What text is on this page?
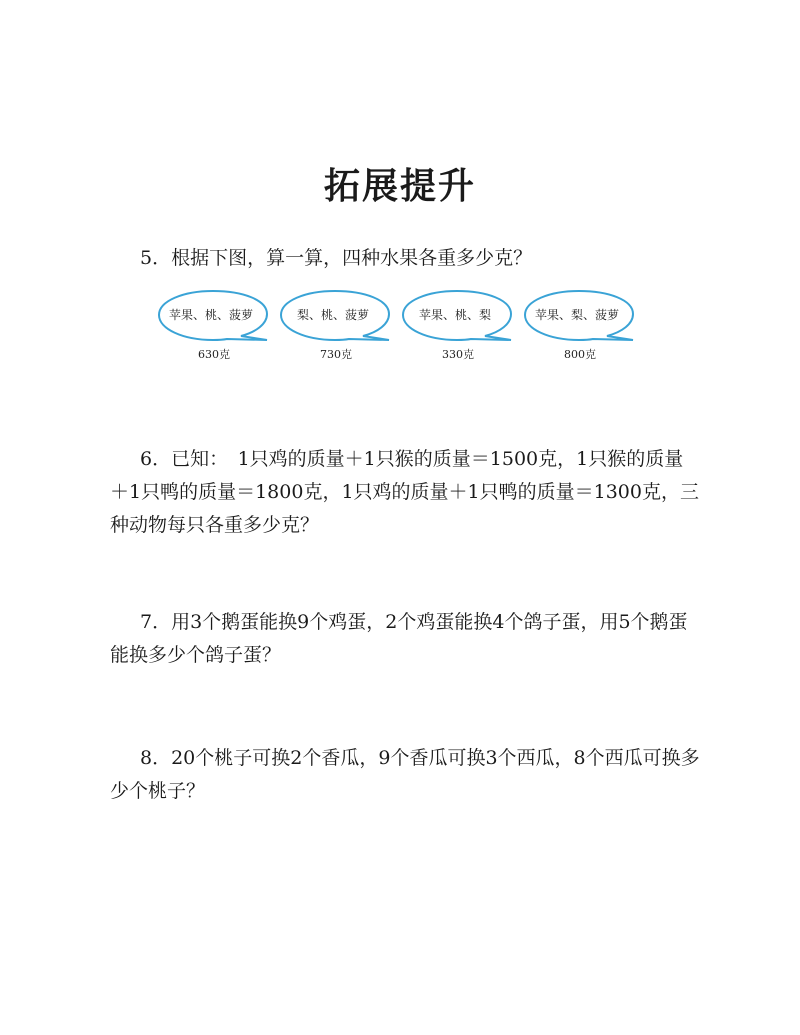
拓展提升
5．根据下图，算一算，四种水果各重多少克？
苹果、桃、菠萝
630克
梨、桃、菠萝
730克
苹果、桃、梨
330克
苹果、梨、菠萝
800克
6．已知：　1只鸡的质量＋1只猴的质量＝1500克，1只猴的质量＋1只鸭的质量＝1800克，1只鸡的质量＋1只鸭的质量＝1300克，三种动物每只各重多少克？
7．用3个鹅蛋能换9个鸡蛋，2个鸡蛋能换4个鸽子蛋，用5个鹅蛋能换多少个鸽子蛋？
8．20个桃子可换2个香瓜，9个香瓜可换3个西瓜，8个西瓜可换多少个桃子？
